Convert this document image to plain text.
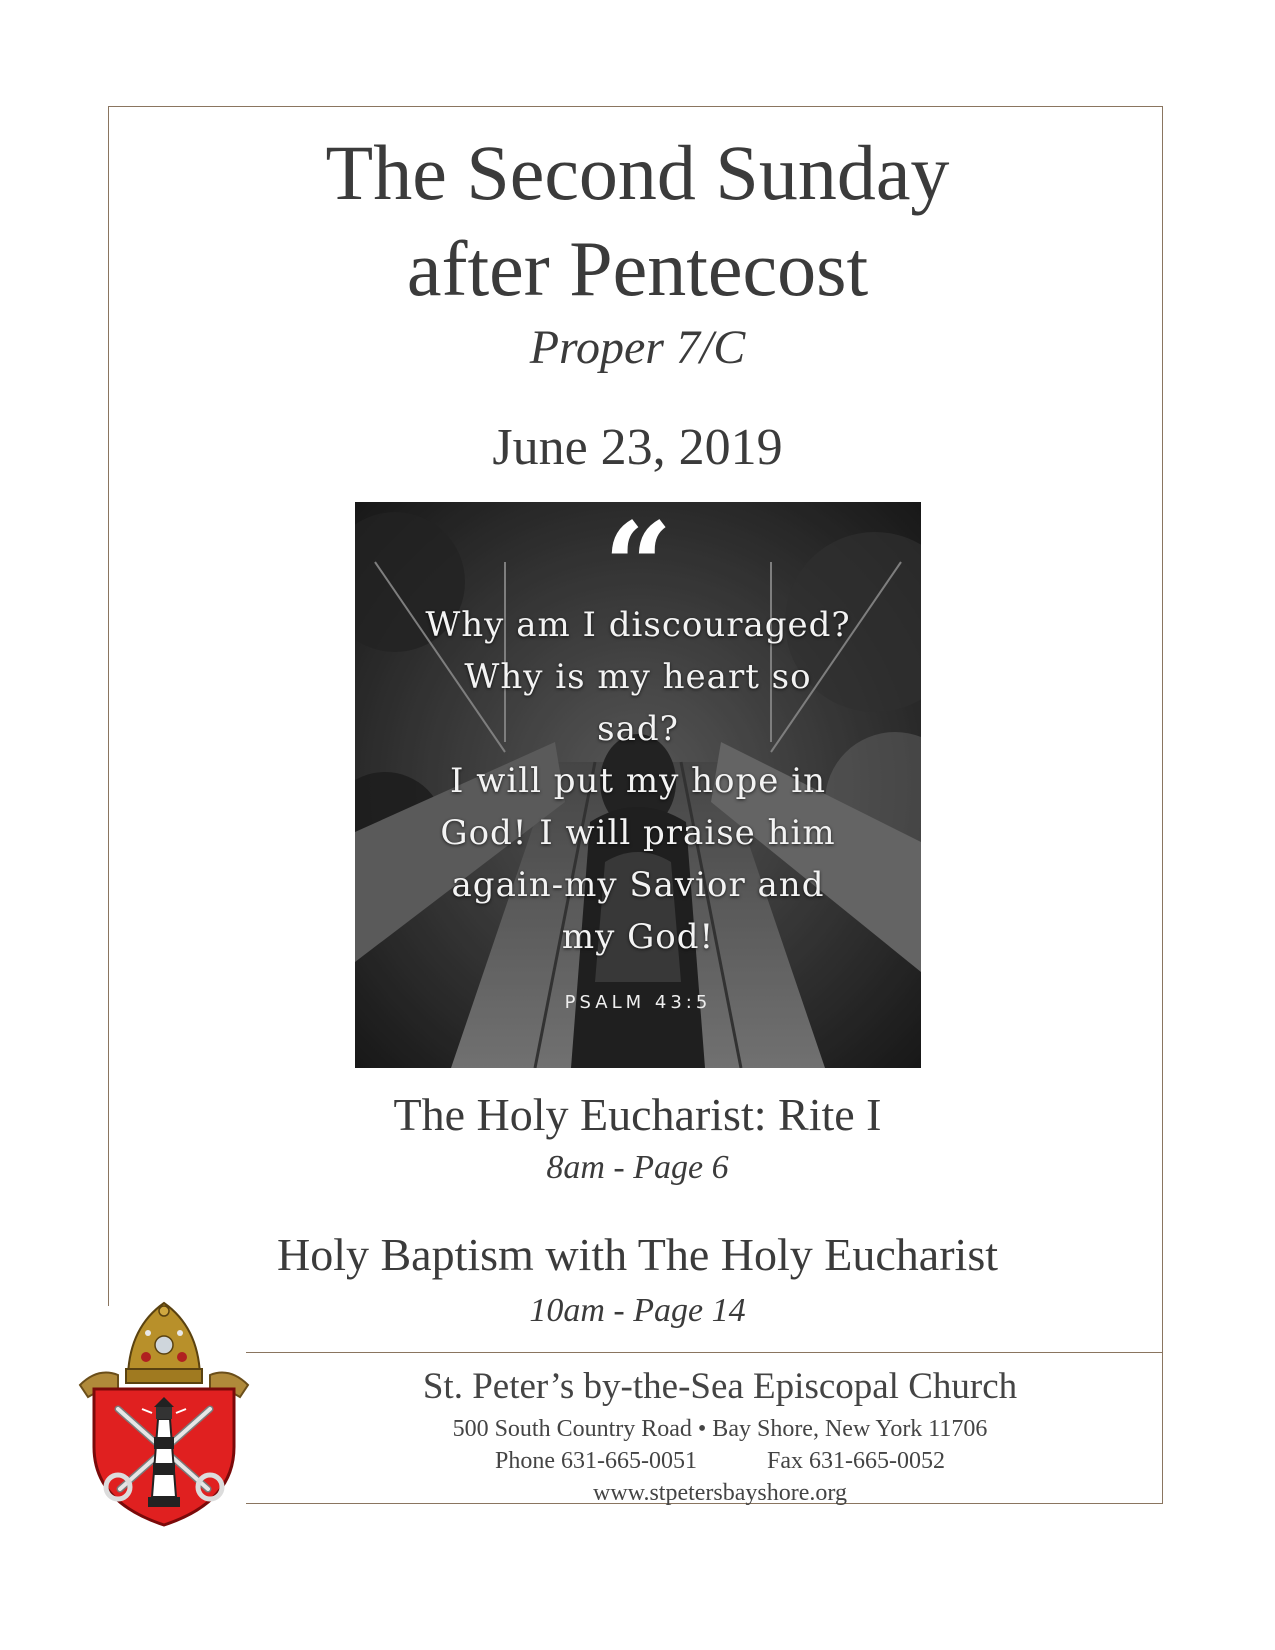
The Second Sunday
after Pentecost
Proper 7/C
June 23, 2019
“
Why am I discouraged?
Why is my heart so
sad?
I will put my hope in
God! I will praise him
again-my Savior and
my God!
PSALM 43:5
The Holy Eucharist: Rite I
8am - Page 6
Holy Baptism with The Holy Eucharist
10am - Page 14
St. Peter’s by-the-Sea Episcopal Church
500 South Country Road • Bay Shore, New York 11706
Phone 631-665-0051	Fax 631-665-0052
www.stpetersbayshore.org
